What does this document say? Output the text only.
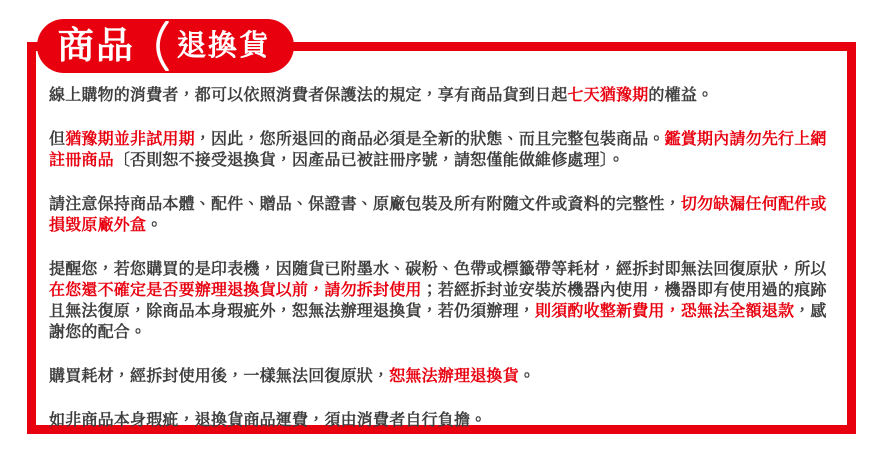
線上購物的消費者，都可以依照消費者保護法的規定，享有商品貨到日起七天猶豫期的權益。

但猶豫期並非試用期，因此，您所退回的商品必須是全新的狀態、而且完整包裝商品。鑑賞期內請勿先行上網註冊商品〔否則恕不接受退換貨，因產品已被註冊序號，請恕僅能做維修處理〕。

請注意保持商品本體、配件、贈品、保證書、原廠包裝及所有附隨文件或資料的完整性，切勿缺漏任何配件或損毀原廠外盒。

提醒您，若您購買的是印表機，因隨貨已附墨水、碳粉、色帶或標籤帶等耗材，經拆封即無法回復原狀，所以在您還不確定是否要辦理退換貨以前，請勿拆封使用；若經拆封並安裝於機器內使用，機器即有使用過的痕跡且無法復原，除商品本身瑕疵外，恕無法辦理退換貨，若仍須辦理，則須酌收整新費用，恐無法全額退款，感謝您的配合。

購買耗材，經拆封使用後，一樣無法回復原狀，恕無法辦理退換貨。

如非商品本身瑕疵，退換貨商品運費，須由消費者自行負擔。

商品 退換貨
